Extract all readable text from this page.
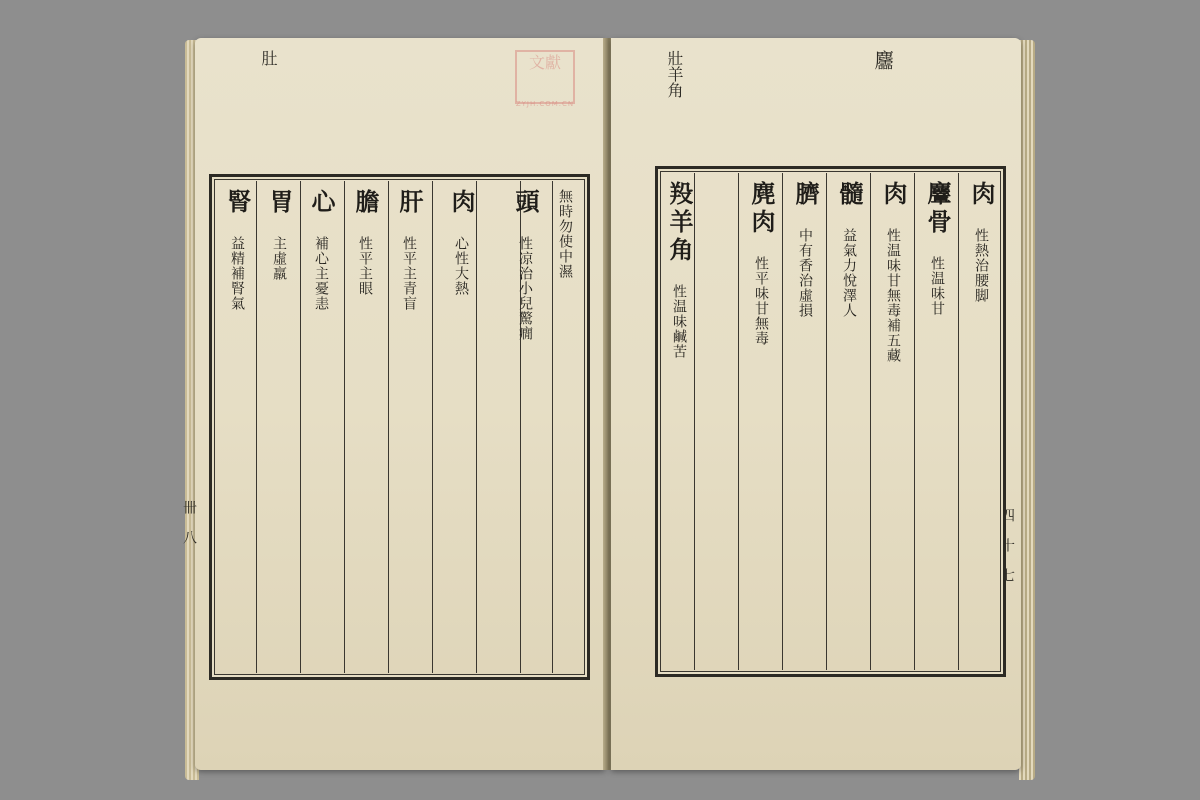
肚	文獻
ZYJH.COM.CN
頭 性凉治小兒驚癇
無時勿使中濕
肉 心性大熱
肝 性平主青盲
膽 性平主眼
心 補心主憂恚
胃 主虛羸
腎 益精補腎氣
壯羊角	麢
四 十 七
肉 性熱治腰脚
麞骨 性温味甘
肉 性温味甘無毒補五藏
髓 益氣力悅澤人
臍 中有香治虛損
麂肉 性平味甘無毒
羖羊角 性温味鹹苦
卌 八
